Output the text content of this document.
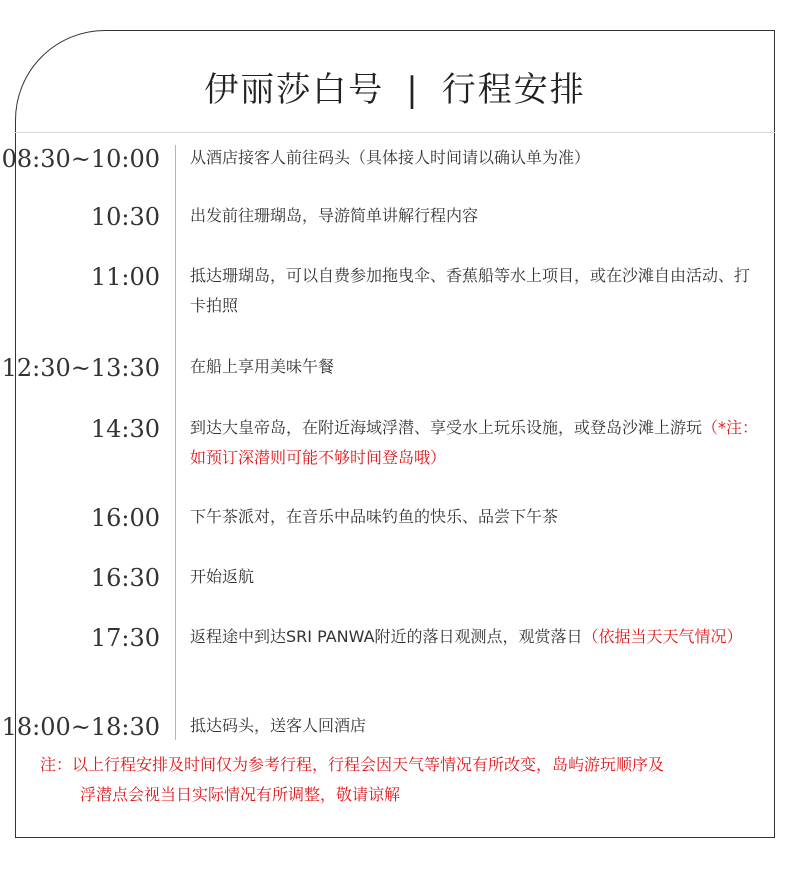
伊丽莎白号 | 行程安排
08:30~10:00 从酒店接客人前往码头（具体接人时间请以确认单为准）
10:30 出发前往珊瑚岛，导游简单讲解行程内容
11:00 抵达珊瑚岛，可以自费参加拖曳伞、香蕉船等水上项目，或在沙滩自由活动、打卡拍照
12:30~13:30 在船上享用美味午餐
14:30 到达大皇帝岛，在附近海域浮潜、享受水上玩乐设施，或登岛沙滩上游玩（*注：如预订深潜则可能不够时间登岛哦）
16:00 下午茶派对，在音乐中品味钓鱼的快乐、品尝下午茶
16:30 开始返航
17:30 返程途中到达SRI PANWA附近的落日观测点，观赏落日（依据当天天气情况）
18:00~18:30 抵达码头，送客人回酒店
注：以上行程安排及时间仅为参考行程，行程会因天气等情况有所改变，岛屿游玩顺序及
浮潜点会视当日实际情况有所调整，敬请谅解
